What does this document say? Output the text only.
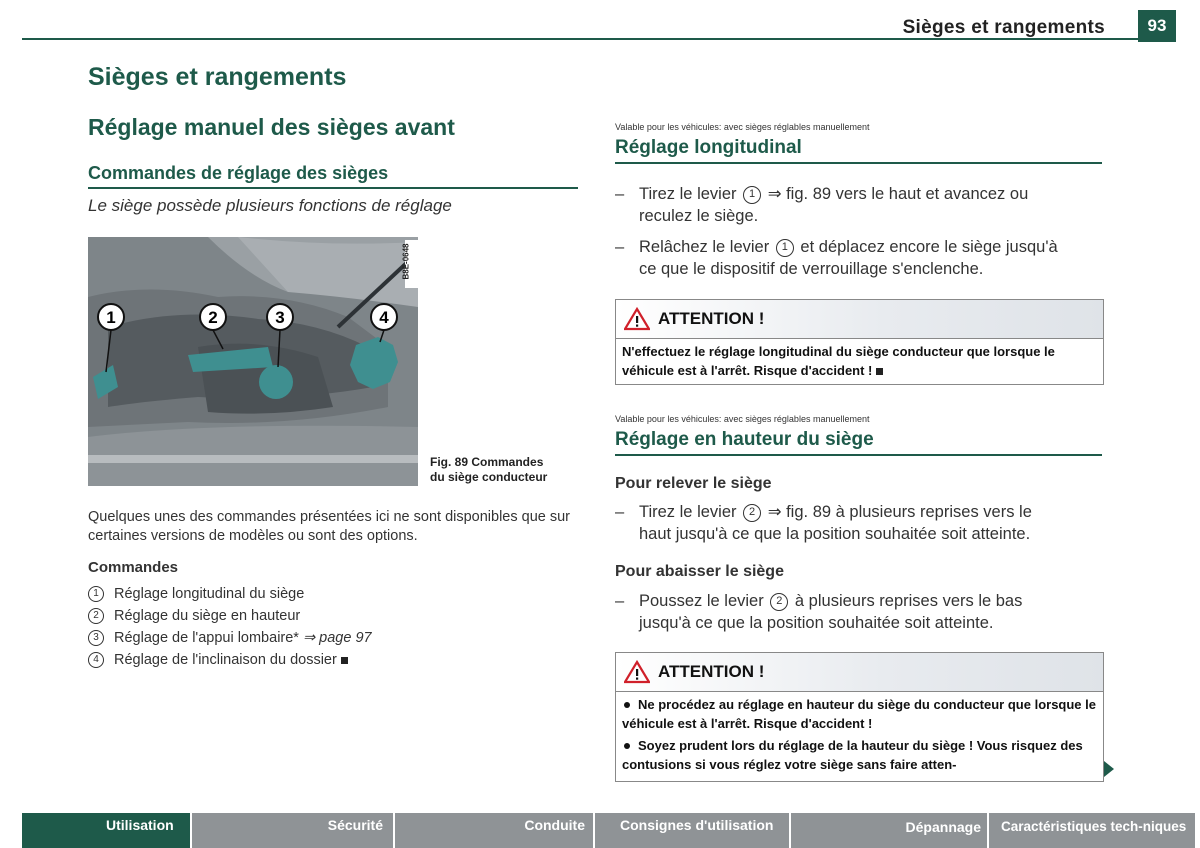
Sièges et rangements	93
Sièges et rangements
Réglage manuel des sièges avant
Commandes de réglage des sièges
Le siège possède plusieurs fonctions de réglage
1	2	3	4
B8E-0648
Fig. 89 Commandes
du siège conducteur
Quelques unes des commandes présentées ici ne sont disponibles que sur certaines versions de modèles ou sont des options.
Commandes
1	Réglage longitudinal du siège
2	Réglage du siège en hauteur
3	Réglage de l'appui lombaire*
⇒ page 97
4	Réglage de l'inclinaison du dossier
Valable pour les véhicules: avec sièges réglables manuellement
Réglage longitudinal
– Tirez le levier 1 ⇒ fig. 89 vers le haut et avancez ou
reculez le siège.
– Relâchez le levier 1 et déplacez encore le siège jusqu'à
ce que le dispositif de verrouillage s'enclenche.
ATTENTION !
N'effectuez le réglage longitudinal du siège conducteur que lorsque le véhicule est à l'arrêt. Risque d'accident !
Valable pour les véhicules: avec sièges réglables manuellement
Réglage en hauteur du siège
Pour relever le siège
– Tirez le levier 2 ⇒ fig. 89 à plusieurs reprises vers le
haut jusqu'à ce que la position souhaitée soit atteinte.
Pour abaisser le siège
– Poussez le levier 2 à plusieurs reprises vers le bas
jusqu'à ce que la position souhaitée soit atteinte.
ATTENTION !

Ne procédez au réglage en hauteur du siège du conducteur que lorsque le véhicule est à l'arrêt. Risque d'accident !

Soyez prudent lors du réglage de la hauteur du siège ! Vous risquez des contusions si vous réglez votre siège sans faire atten-

Utilisation	Sécurité	Conduite	Consignes d'utilisation	Dépannage	Caractéristiques tech-niques
